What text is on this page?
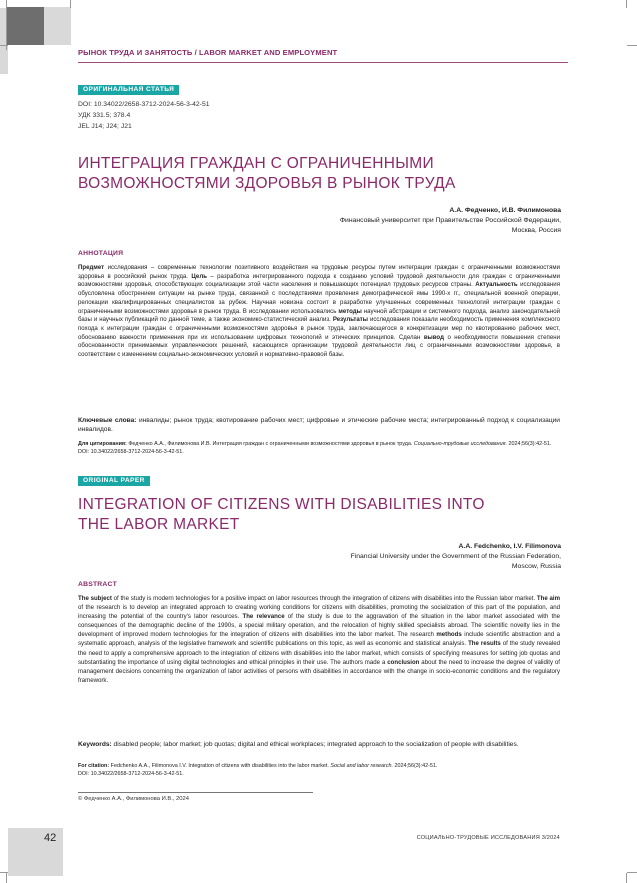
РЫНОК ТРУДА И ЗАНЯТОСТЬ / LABOR MARKET AND EMPLOYMENT
ОРИГИНАЛЬНАЯ СТАТЬЯ
DOI: 10.34022/2658-3712-2024-56-3-42-51
УДК 331.5; 378.4
JEL J14; J24; J21
ИНТЕГРАЦИЯ ГРАЖДАН С ОГРАНИЧЕННЫМИ
ВОЗМОЖНОСТЯМИ ЗДОРОВЬЯ В РЫНОК ТРУДА
А.А. Федченко, И.В. Филимонова
Финансовый университет при Правительстве Российской Федерации,
Москва, Россия
АННОТАЦИЯ

Предмет исследования – современные технологии позитивного воздействия на трудовые ресурсы путем интеграции граждан с ограниченными возможностями здоровья в российский рынок труда. Цель – разработка интегрированного подхода к созданию условий трудовой деятельности для граждан с ограниченными возможностями здоровья, способствующих социализации этой части населения и повышающих потенциал трудовых ресурсов страны. Актуальность исследования обусловлена обострением ситуации на рынке труда, связанной с последствиями проявления демографической ямы 1990-х гг., специальной военной операции, релокации квалифицированных специалистов за рубеж. Научная новизна состоит в разработке улучшенных современных технологий интеграции граждан с ограниченными возможностями здоровья в рынок труда. В исследовании использовались методы научной абстракции и системного подхода, анализ законодательной базы и научных публикаций по данной теме, а также экономико-статистический анализ. Результаты исследования показали необходимость применения комплексного похода к интеграции граждан с ограниченными возможностями здоровья в рынок труда, заключающегося в конкретизации мер по квотированию рабочих мест, обоснованию важности применения при их использовании цифровых технологий и этических принципов. Сделан вывод о необходимости повышения степени обоснованности принимаемых управленческих решений, касающихся организации трудовой деятельности лиц с ограниченными возможностями здоровья, в соответствии с изменением социально-экономических условий и нормативно-правовой базы.

Ключевые слова: инвалиды; рынок труда; квотирование рабочих мест; цифровые и этические рабочие места; интегрированный подход к социализации инвалидов.

Для цитирования: Федченко А.А., Филимонова И.В. Интеграция граждан с ограниченными возможностями здоровья в рынок труда. Социально-трудовые исследования. 2024;56(3):42-51. DOI: 10.34022/2658-3712-2024-56-3-42-51.

ORIGINAL PAPER
INTEGRATION OF CITIZENS WITH DISABILITIES INTO
THE LABOR MARKET
A.A. Fedchenko, I.V. Filimonova
Financial University under the Government of the Russian Federation,
Moscow, Russia
ABSTRACT

The subject of the study is modern technologies for a positive impact on labor resources through the integration of citizens with disabilities into the Russian labor market. The aim of the research is to develop an integrated approach to creating working conditions for citizens with disabilities, promoting the socialization of this part of the population, and increasing the potential of the country's labor resources. The relevance of the study is due to the aggravation of the situation in the labor market associated with the consequences of the demographic decline of the 1990s, a special military operation, and the relocation of highly skilled specialists abroad. The scientific novelty lies in the development of improved modern technologies for the integration of citizens with disabilities into the labor market. The research methods include scientific abstraction and a systematic approach, analysis of the legislative framework and scientific publications on this topic, as well as economic and statistical analysis. The results of the study revealed the need to apply a comprehensive approach to the integration of citizens with disabilities into the labor market, which consists of specifying measures for setting job quotas and substantiating the importance of using digital technologies and ethical principles in their use. The authors made a conclusion about the need to increase the degree of validity of management decisions concerning the organization of labor activities of persons with disabilities in accordance with the change in socio-economic conditions and the regulatory framework.

Keywords: disabled people; labor market; job quotas; digital and ethical workplaces; integrated approach to the socialization of people with disabilities.

For citation: Fedchenko A.A., Filimonova I.V. Integration of citizens with disabilities into the labor market. Social and labor research. 2024;56(3):42-51.
DOI: 10.34022/2658-3712-2024-56-3-42-51.

© Федченко А.А., Филимонова И.В., 2024
42	СОЦИАЛЬНО-ТРУДОВЫЕ ИССЛЕДОВАНИЯ 3/2024
